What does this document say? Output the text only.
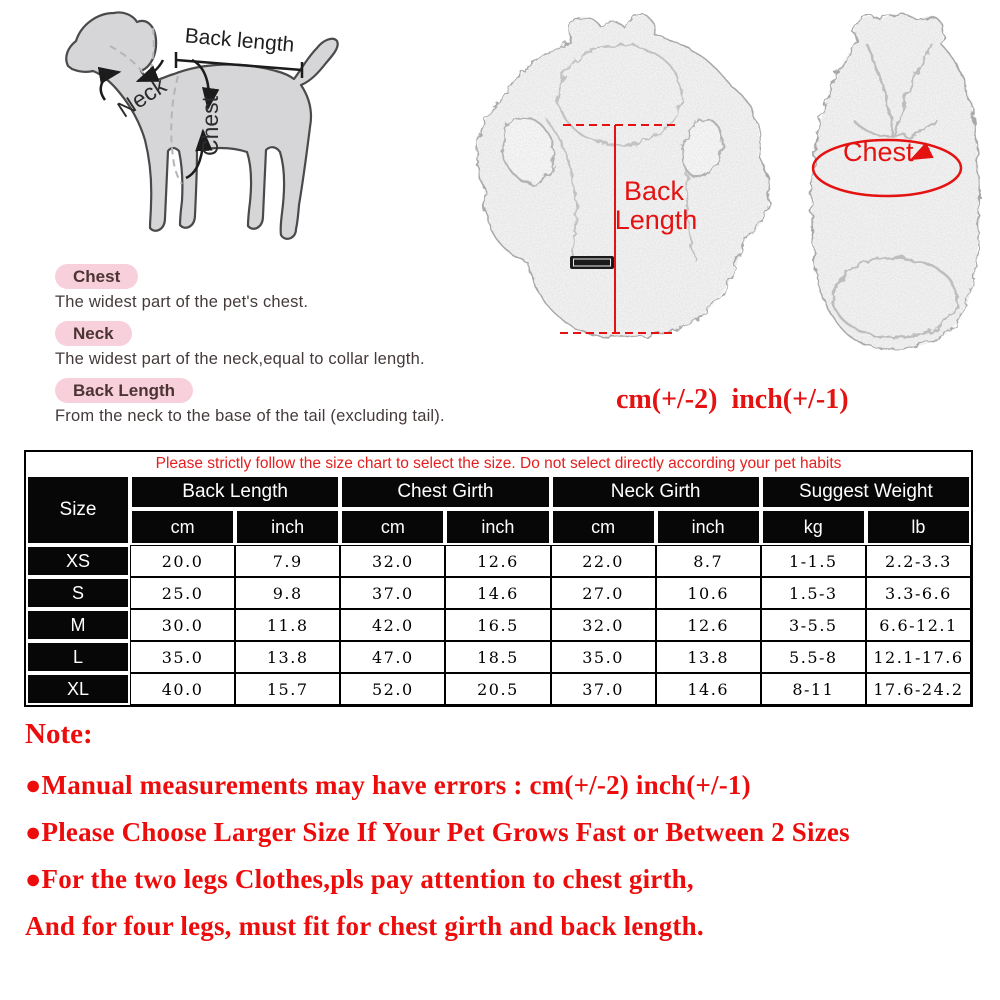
Back length
Neck Chest
Back
Length
Chest
Chest
The widest part of the pet's chest.
Neck
The widest part of the neck,equal to collar length.
Back Length
From the neck to the base of the tail (excluding tail).
cm(+/-2)  inch(+/-1)
Please strictly follow the size chart to select the size. Do not select directly according your pet habits								
Size	Back Length		Chest Girth		Neck Girth		Suggest Weight	
	cm	inch	cm	inch	cm	inch	kg	lb
XS	20.0	7.9	32.0	12.6	22.0	8.7	1-1.5	2.2-3.3
S	25.0	9.8	37.0	14.6	27.0	10.6	1.5-3	3.3-6.6
M	30.0	11.8	42.0	16.5	32.0	12.6	3-5.5	6.6-12.1
L	35.0	13.8	47.0	18.5	35.0	13.8	5.5-8	12.1-17.6
XL	40.0	15.7	52.0	20.5	37.0	14.6	8-11	17.6-24.2
Note:
●Manual measurements may have errors : cm(+/-2) inch(+/-1)
●Please Choose Larger Size If Your Pet Grows Fast or Between 2 Sizes
●For the two legs Clothes,pls pay attention to chest girth,
And for four legs, must fit for chest girth and back length.
